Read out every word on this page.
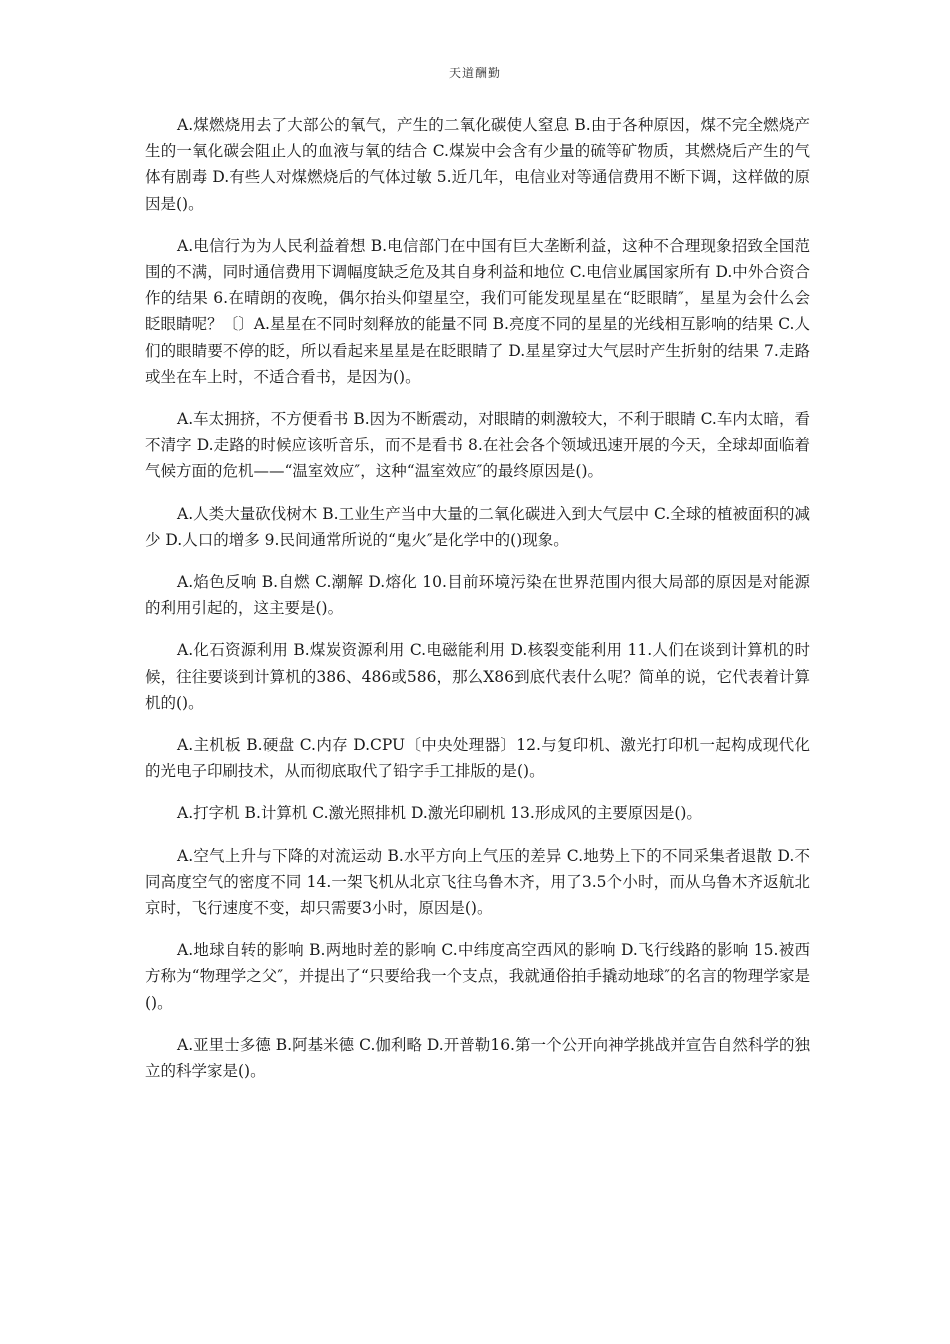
天道酬勤

A.煤燃烧用去了大部公的氧气，产生的二氧化碳使人窒息 B.由于各种原因，煤不完全燃烧产生的一氧化碳会阻止人的血液与氧的结合 C.煤炭中会含有少量的硫等矿物质，其燃烧后产生的气体有剧毒 D.有些人对煤燃烧后的气体过敏 5.近几年，电信业对等通信费用不断下调，这样做的原因是()。

A.电信行为为人民利益着想 B.电信部门在中国有巨大垄断利益，这种不合理现象招致全国范围的不满，同时通信费用下调幅度缺乏危及其自身利益和地位 C.电信业属国家所有 D.中外合资合作的结果 6.在晴朗的夜晚，偶尔抬头仰望星空，我们可能发现星星在“眨眼睛″，星星为会什么会眨眼睛呢？〔〕A.星星在不同时刻释放的能量不同 B.亮度不同的星星的光线相互影响的结果 C.人们的眼睛要不停的眨，所以看起来星星是在眨眼睛了 D.星星穿过大气层时产生折射的结果 7.走路或坐在车上时，不适合看书，是因为()。

A.车太拥挤，不方便看书 B.因为不断震动，对眼睛的刺激较大，不利于眼睛 C.车内太暗，看不清字 D.走路的时候应该听音乐，而不是看书 8.在社会各个领域迅速开展的今天，全球却面临着气候方面的危机——“温室效应″，这种“温室效应″的最终原因是()。

A.人类大量砍伐树木 B.工业生产当中大量的二氧化碳进入到大气层中 C.全球的植被面积的减少 D.人口的增多 9.民间通常所说的“鬼火″是化学中的()现象。

A.焰色反响 B.自燃 C.潮解 D.熔化 10.目前环境污染在世界范围内很大局部的原因是对能源的利用引起的，这主要是()。

A.化石资源利用 B.煤炭资源利用 C.电磁能利用 D.核裂变能利用 11.人们在谈到计算机的时候，往往要谈到计算机的386、486或586，那么X86到底代表什么呢？简单的说，它代表着计算机的()。

A.主机板 B.硬盘 C.内存 D.CPU〔中央处理器〕12.与复印机、激光打印机一起构成现代化的光电子印刷技术，从而彻底取代了铅字手工排版的是()。

A.打字机 B.计算机 C.激光照排机 D.激光印刷机 13.形成风的主要原因是()。

A.空气上升与下降的对流运动 B.水平方向上气压的差异 C.地势上下的不同采集者退散 D.不同高度空气的密度不同 14.一架飞机从北京飞往乌鲁木齐，用了3.5个小时，而从乌鲁木齐返航北京时，飞行速度不变，却只需要3小时，原因是()。

A.地球自转的影响 B.两地时差的影响 C.中纬度高空西风的影响 D.飞行线路的影响 15.被西方称为“物理学之父″，并提出了“只要给我一个支点，我就通俗拍手撬动地球″的名言的物理学家是()。

A.亚里士多德 B.阿基米德 C.伽利略 D.开普勒16.第一个公开向神学挑战并宣告自然科学的独立的科学家是()。
